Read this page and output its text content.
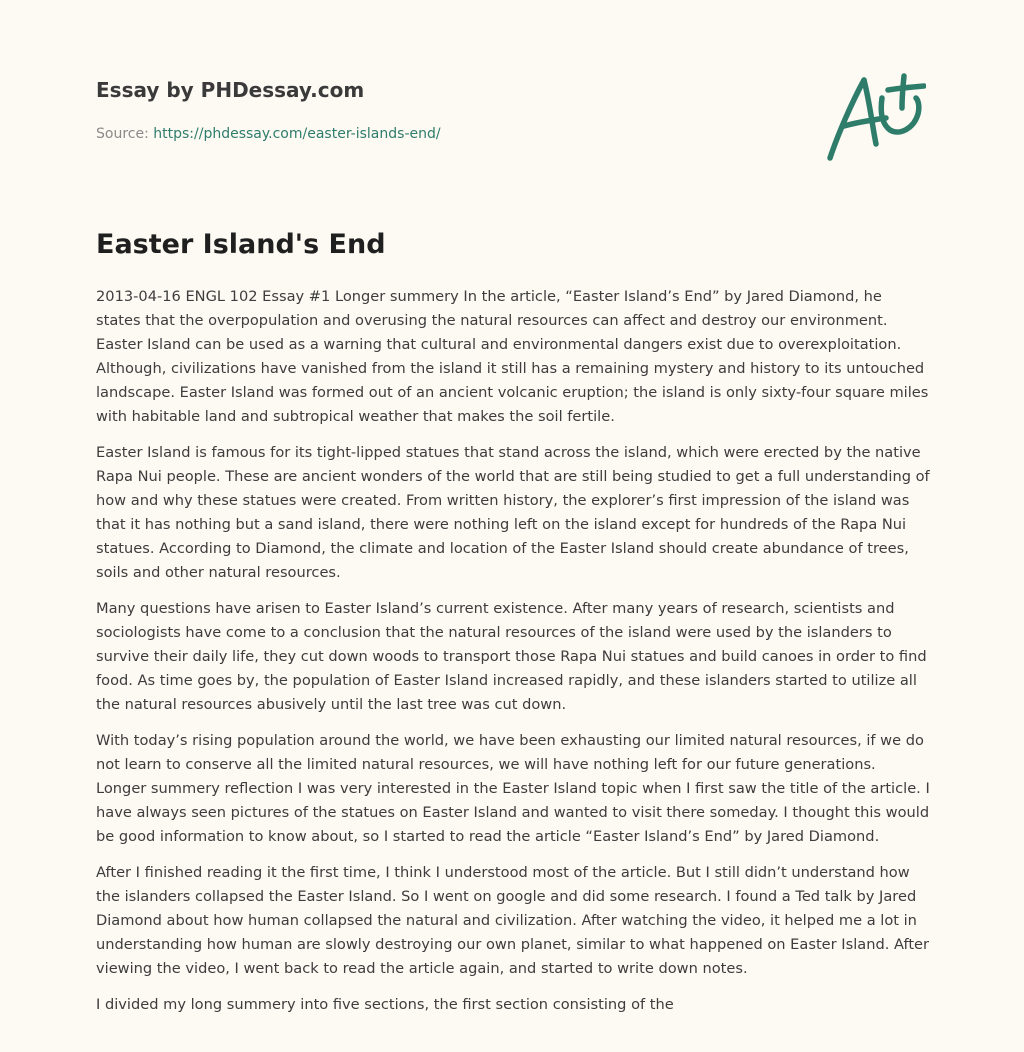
Essay by PHDessay.com
Source: https://phdessay.com/easter-islands-end/
Easter Island's End

2013-04-16 ENGL 102 Essay #1 Longer summery In the article, “Easter Island’s End” by Jared Diamond, he states that the overpopulation and overusing the natural resources can affect and destroy our environment. Easter Island can be used as a warning that cultural and environmental dangers exist due to overexploitation. Although, civilizations have vanished from the island it still has a remaining mystery and history to its untouched landscape. Easter Island was formed out of an ancient volcanic eruption; the island is only sixty-four square miles with habitable land and subtropical weather that makes the soil fertile.

Easter Island is famous for its tight-lipped statues that stand across the island, which were erected by the native Rapa Nui people. These are ancient wonders of the world that are still being studied to get a full understanding of how and why these statues were created. From written history, the explorer’s first impression of the island was that it has nothing but a sand island, there were nothing left on the island except for hundreds of the Rapa Nui statues. According to Diamond, the climate and location of the Easter Island should create abundance of trees, soils and other natural resources.

Many questions have arisen to Easter Island’s current existence. After many years of research, scientists and sociologists have come to a conclusion that the natural resources of the island were used by the islanders to survive their daily life, they cut down woods to transport those Rapa Nui statues and build canoes in order to find food. As time goes by, the population of Easter Island increased rapidly, and these islanders started to utilize all the natural resources abusively until the last tree was cut down.

With today’s rising population around the world, we have been exhausting our limited natural resources, if we do not learn to conserve all the limited natural resources, we will have nothing left for our future generations. Longer summery reflection I was very interested in the Easter Island topic when I first saw the title of the article. I have always seen pictures of the statues on Easter Island and wanted to visit there someday. I thought this would be good information to know about, so I started to read the article “Easter Island’s End” by Jared Diamond.

After I finished reading it the first time, I think I understood most of the article. But I still didn’t understand how the islanders collapsed the Easter Island. So I went on google and did some research. I found a Ted talk by Jared Diamond about how human collapsed the natural and civilization. After watching the video, it helped me a lot in understanding how human are slowly destroying our own planet, similar to what happened on Easter Island. After viewing the video, I went back to read the article again, and started to write down notes.

I divided my long summery into five sections, the first section consisting of the
